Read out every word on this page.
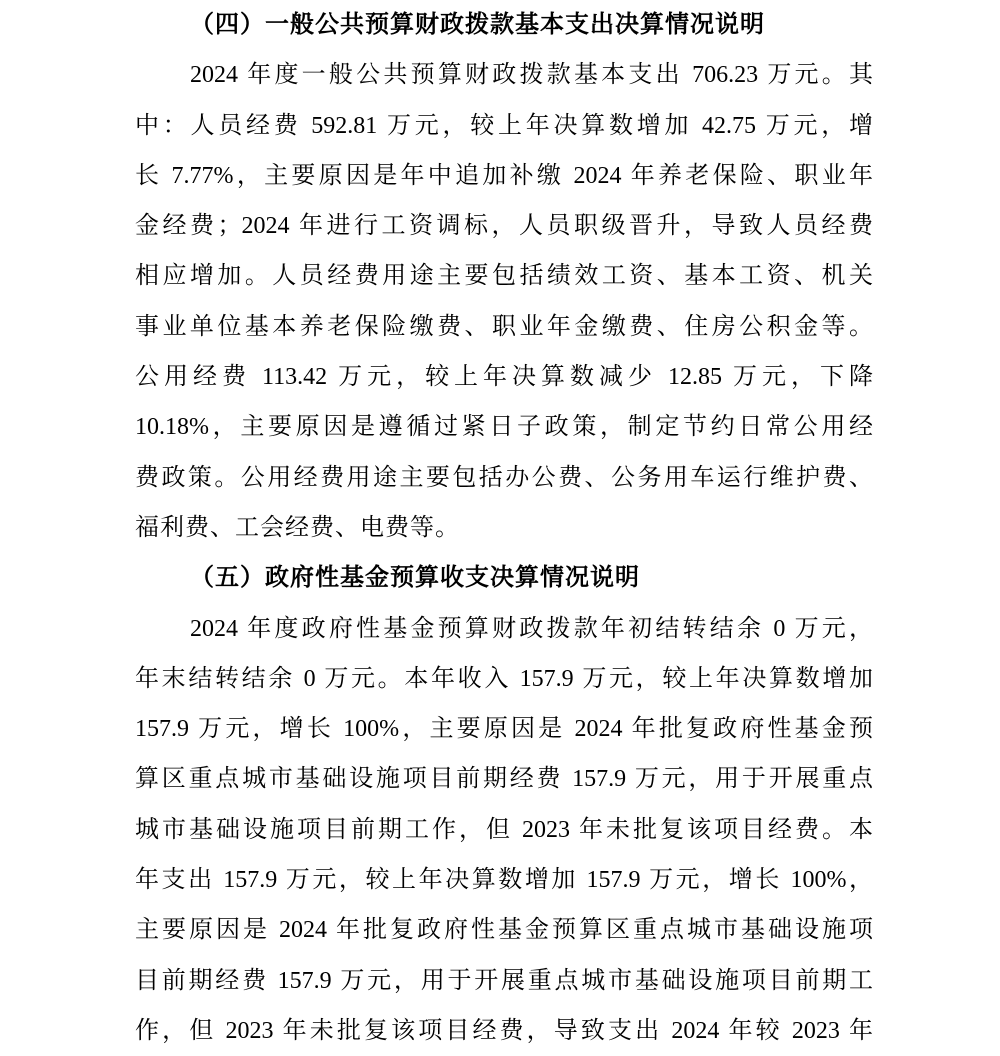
（四）一般公共预算财政拨款基本支出决算情况说明
2024 年度一般公共预算财政拨款基本支出 706.23 万元。其
中：人员经费 592.81 万元，较上年决算数增加 42.75 万元，增
长 7.77%，主要原因是年中追加补缴 2024 年养老保险、职业年
金经费；2024 年进行工资调标，人员职级晋升，导致人员经费
相应增加。人员经费用途主要包括绩效工资、基本工资、机关
事业单位基本养老保险缴费、职业年金缴费、住房公积金等。
公用经费 113.42 万元，较上年决算数减少 12.85 万元，下降
10.18%，主要原因是遵循过紧日子政策，制定节约日常公用经
费政策。公用经费用途主要包括办公费、公务用车运行维护费、
福利费、工会经费、电费等。
（五）政府性基金预算收支决算情况说明
2024 年度政府性基金预算财政拨款年初结转结余 0 万元，
年末结转结余 0 万元。本年收入 157.9 万元，较上年决算数增加
157.9 万元，增长 100%，主要原因是 2024 年批复政府性基金预
算区重点城市基础设施项目前期经费 157.9 万元，用于开展重点
城市基础设施项目前期工作，但 2023 年未批复该项目经费。本
年支出 157.9 万元，较上年决算数增加 157.9 万元，增长 100%，
主要原因是 2024 年批复政府性基金预算区重点城市基础设施项
目前期经费 157.9 万元，用于开展重点城市基础设施项目前期工
作，但 2023 年未批复该项目经费，导致支出 2024 年较 2023 年
